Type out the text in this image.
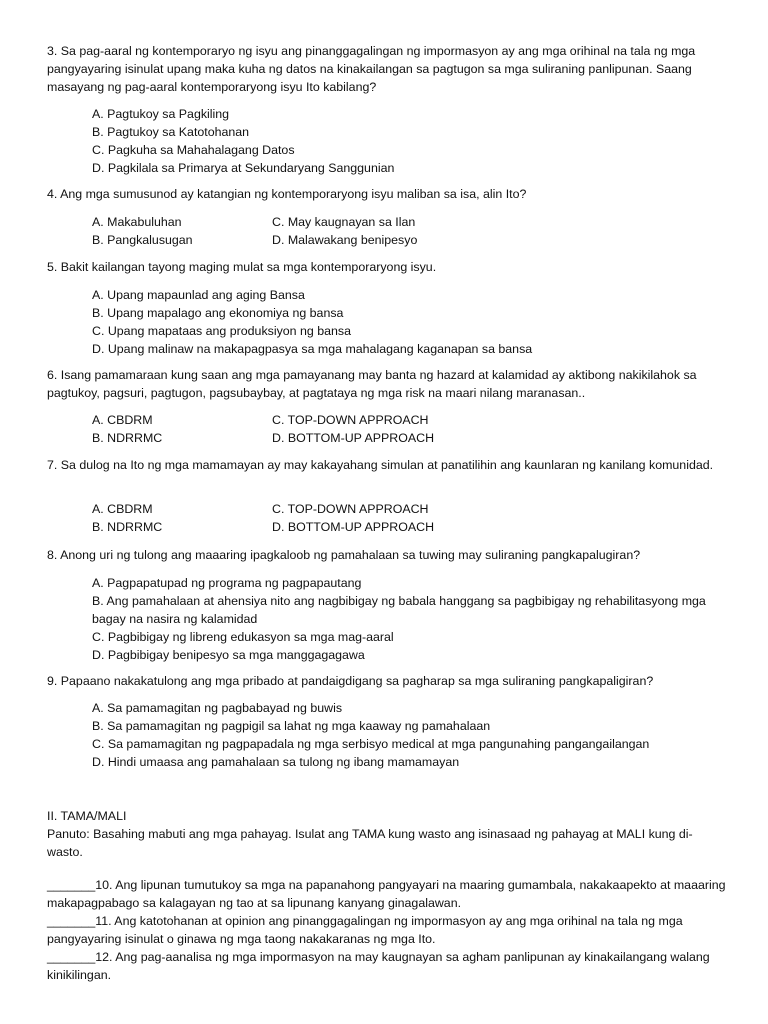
3. Sa pag-aaral ng kontemporaryo ng isyu ang pinanggagalingan ng impormasyon ay ang mga orihinal na tala ng mga pangyayaring isinulat upang maka kuha ng datos na kinakailangan sa pagtugon sa mga suliraning panlipunan. Saang masayang ng pag-aaral kontemporaryong isyu Ito kabilang?

A. Pagtukoy sa Pagkiling
B. Pagtukoy sa Katotohanan
C. Pagkuha sa Mahahalagang Datos
D. Pagkilala sa Primarya at Sekundaryang Sanggunian

4. Ang mga sumusunod ay katangian ng kontemporaryong isyu maliban sa isa, alin Ito?

A. Makabuluhan	C. May kaugnayan sa Ilan
B. Pangkalusugan	D. Malawakang benipesyo

5. Bakit kailangan tayong maging mulat sa mga kontemporaryong isyu.

A. Upang mapaunlad ang aging Bansa
B. Upang mapalago ang ekonomiya ng bansa
C. Upang mapataas ang produksiyon ng bansa
D. Upang malinaw na makapagpasya sa mga mahalagang kaganapan sa bansa

6. Isang pamamaraan kung saan ang mga pamayanang may banta ng hazard at kalamidad ay aktibong nakikilahok sa pagtukoy, pagsuri, pagtugon, pagsubaybay, at pagtataya ng mga risk na maari nilang maranasan..

A. CBDRM	C. TOP-DOWN APPROACH
B. NDRRMC	D. BOTTOM-UP APPROACH

7. Sa dulog na Ito ng mga mamamayan ay may kakayahang simulan at panatilihin ang kaunlaran ng kanilang komunidad.

A. CBDRM	C. TOP-DOWN APPROACH
B. NDRRMC	D. BOTTOM-UP APPROACH

8. Anong uri ng tulong ang maaaring ipagkaloob ng pamahalaan sa tuwing may suliraning pangkapalugiran?

A. Pagpapatupad ng programa ng pagpapautang

B. Ang pamahalaan at ahensiya nito ang nagbibigay ng babala hanggang sa pagbibigay ng rehabilitasyong mga bagay na nasira ng kalamidad

C. Pagbibigay ng libreng edukasyon sa mga mag-aaral
D. Pagbibigay benipesyo sa mga manggagagawa

9. Papaano nakakatulong ang mga pribado at pandaigdigang sa pagharap sa mga suliraning pangkapaligiran?

A. Sa pamamagitan ng pagbabayad ng buwis
B. Sa pamamagitan ng pagpigil sa lahat ng mga kaaway ng pamahalaan
C. Sa pamamagitan ng pagpapadala ng mga serbisyo medical at mga pangunahing pangangailangan
D. Hindi umaasa ang pamahalaan sa tulong ng ibang mamamayan

II. TAMA/MALI

Panuto: Basahing mabuti ang mga pahayag. Isulat ang TAMA kung wasto ang isinasaad ng pahayag at MALI kung di-wasto.

_______10. Ang lipunan tumutukoy sa mga na papanahong pangyayari na maaring gumambala, nakakaapekto at maaaring makapagpabago sa kalagayan ng tao at sa lipunang kanyang ginagalawan.

_______11. Ang katotohanan at opinion ang pinanggagalingan ng impormasyon ay ang mga orihinal na tala ng mga pangyayaring isinulat o ginawa ng mga taong nakakaranas ng mga Ito.

_______12. Ang pag-aanalisa ng mga impormasyon na may kaugnayan sa agham panlipunan ay kinakailangang walang kinikilingan.
